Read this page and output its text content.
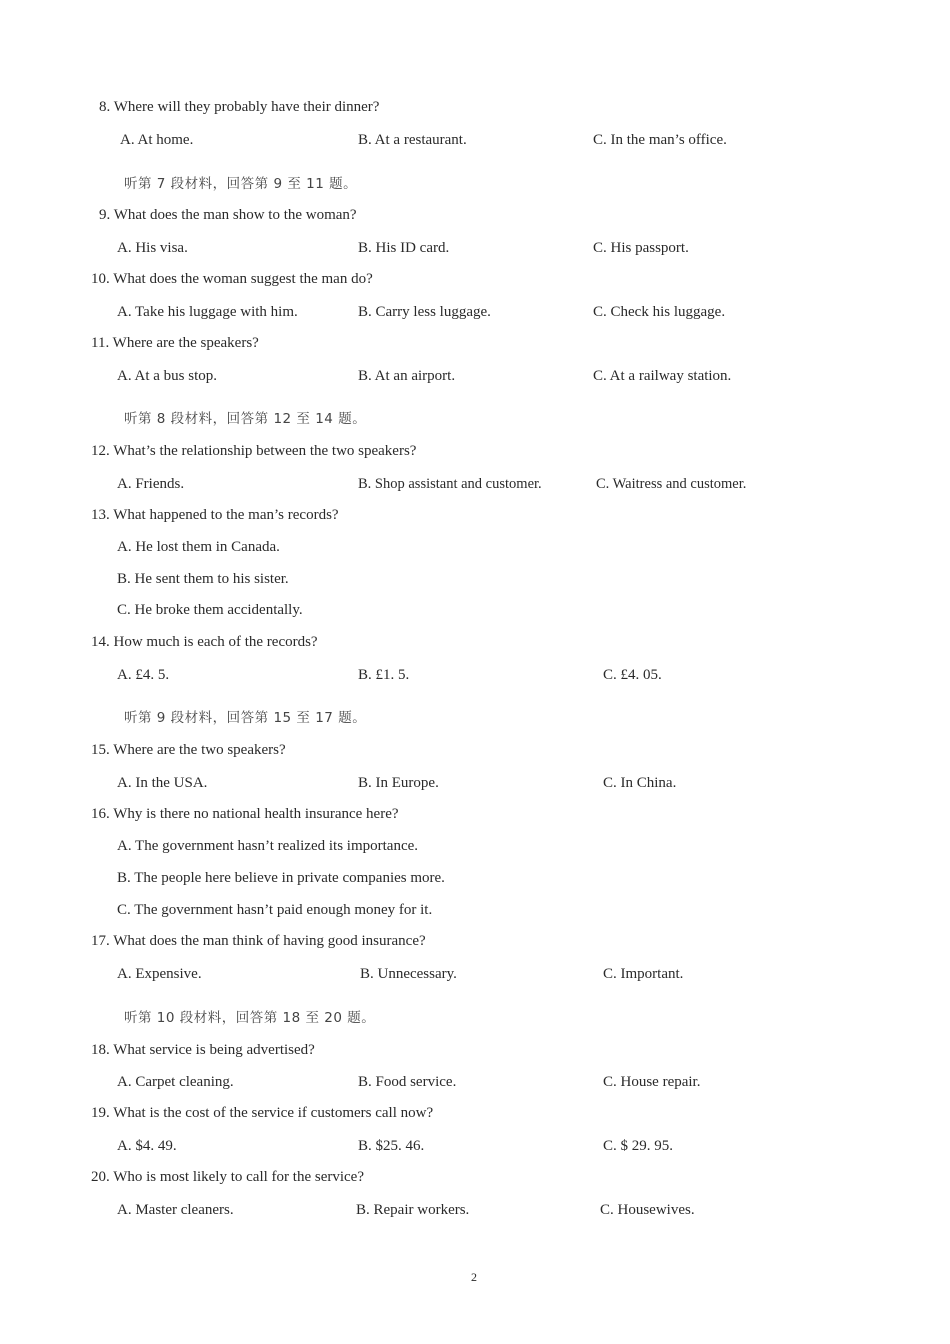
8. Where will they probably have their dinner?
A. At home.	B. At a restaurant.	C. In the man’s office.
听第 7 段材料，回答第 9 至 11 题。
9. What does the man show to the woman?
A. His visa.	B. His ID card.	C. His passport.
10. What does the woman suggest the man do?
A. Take his luggage with him.	B. Carry less luggage.	C. Check his luggage.
11. Where are the speakers?
A. At a bus stop.	B. At an airport.	C. At a railway station.
听第 8 段材料，回答第 12 至 14 题。
12. What’s the relationship between the two speakers?
A. Friends.	B. Shop assistant and customer.	C. Waitress and customer.
13. What happened to the man’s records?
A. He lost them in Canada.
B. He sent them to his sister.
C. He broke them accidentally.
14. How much is each of the records?
A. £4. 5.	B. £1. 5.	C. £4. 05.
听第 9 段材料，回答第 15 至 17 题。
15. Where are the two speakers?
A. In the USA.	B. In Europe.	C. In China.
16. Why is there no national health insurance here?
A. The government hasn’t realized its importance.
B. The people here believe in private companies more.
C. The government hasn’t paid enough money for it.
17. What does the man think of having good insurance?
A. Expensive.	B. Unnecessary.	C. Important.
听第 10 段材料，回答第 18 至 20 题。
18. What service is being advertised?
A. Carpet cleaning.	B. Food service.	C. House repair.
19. What is the cost of the service if customers call now?
A. $4. 49.	B. $25. 46.	C. $ 29. 95.
20. Who is most likely to call for the service?
A. Master cleaners.	B. Repair workers.	C. Housewives.
2
